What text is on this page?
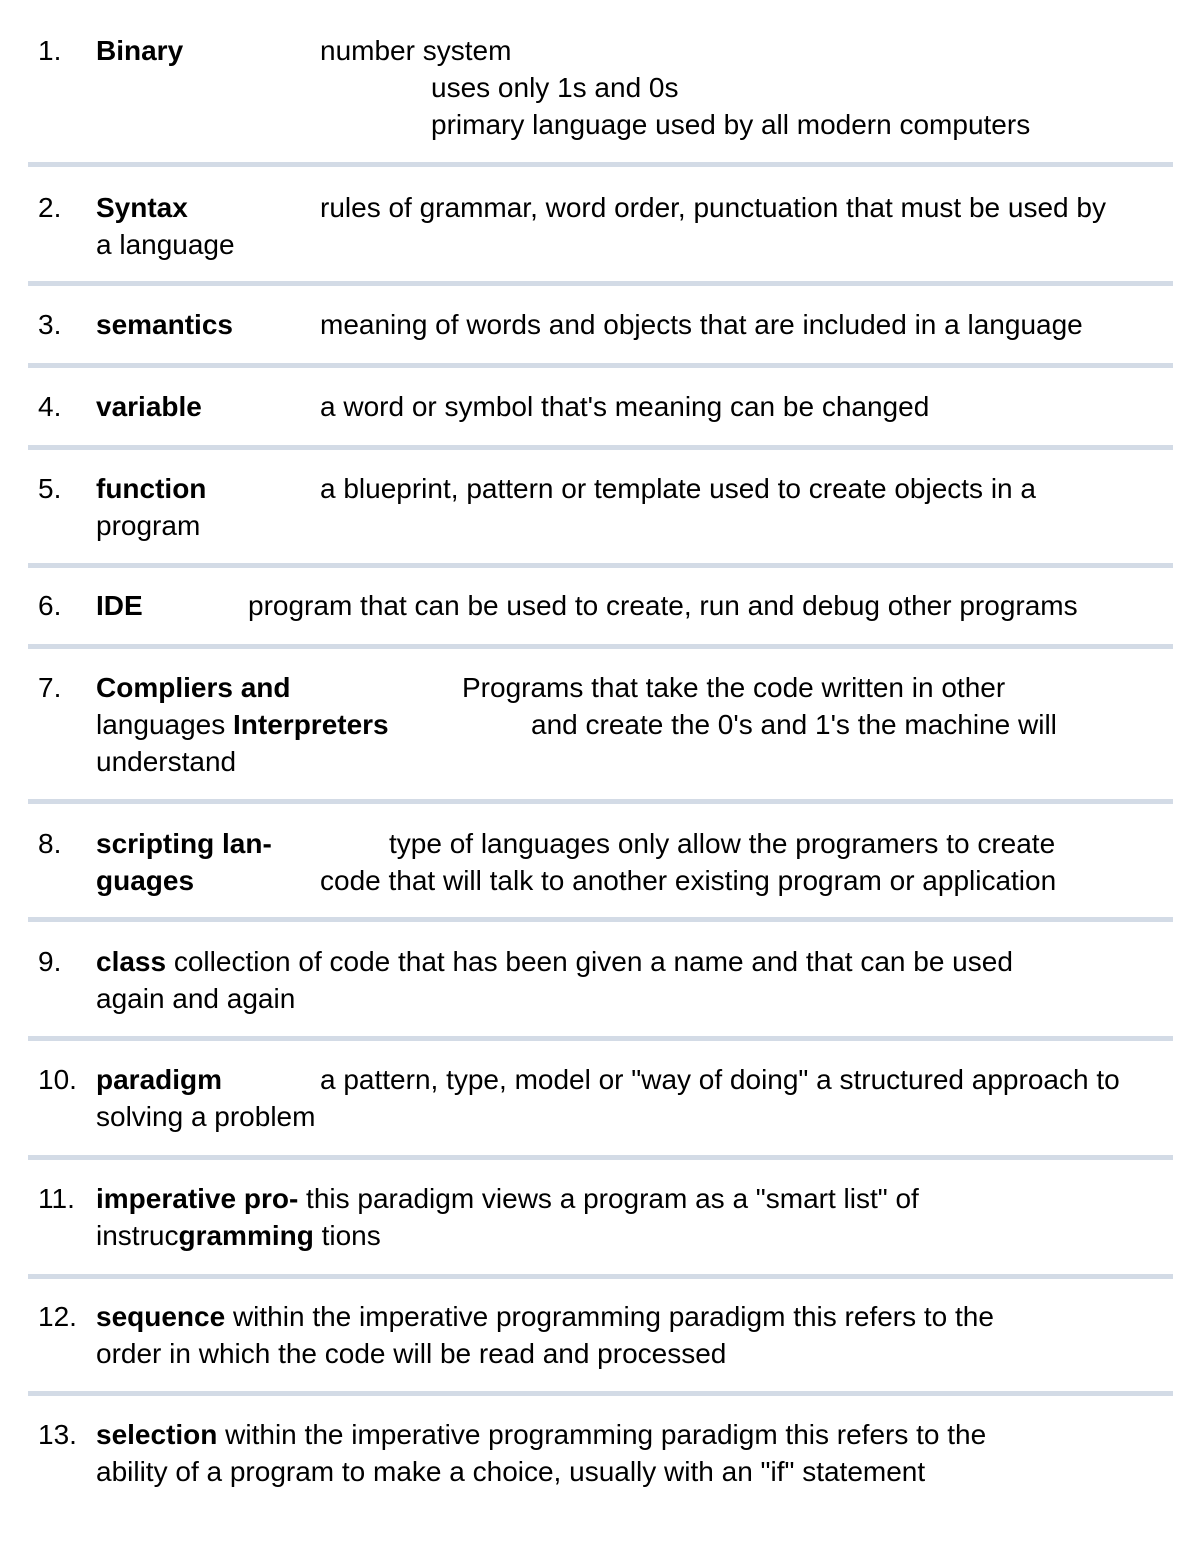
1.	Binary	number system
uses only 1s and 0s
primary language used by all modern computers
2.	Syntax	rules of grammar, word order, punctuation that must be used by
a language
3.	semantics	meaning of words and objects that are included in a language
4.	variable	a word or symbol that's meaning can be changed
5.	function	a blueprint, pattern or template used to create objects in a
program
6.	IDE	program that can be used to create, run and debug other programs
7.	Compliers and	Programs that take the code written in other
languages Interpreters	and create the 0's and 1's the machine will
understand
8.	scripting lan-	type of languages only allow the programers to create
guages	code that will talk to another existing program or application
9.	class collection of code that has been given a name and that can be used
again and again
10. paradigm	a pattern, type, model or "way of doing" a structured approach to
solving a problem
11. imperative pro- this paradigm views a program as a "smart list" of
instrucgramming tions
12. sequence within the imperative programming paradigm this refers to the
order in which the code will be read and processed
13. selection within the imperative programming paradigm this refers to the
ability of a program to make a choice, usually with an "if" statement
